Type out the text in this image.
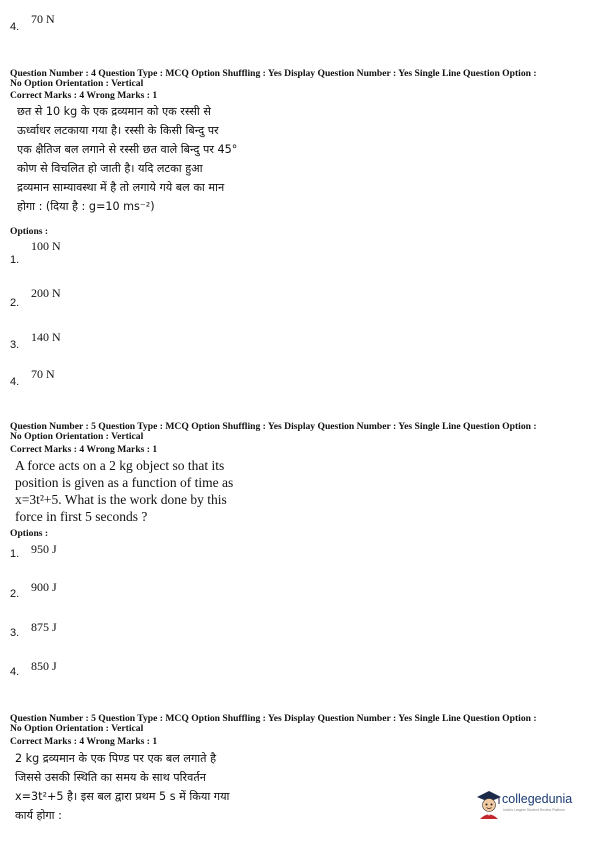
4.
70 N
Question Number : 4 Question Type : MCQ Option Shuffling : Yes Display Question Number : Yes Single Line Question Option :
No Option Orientation : Vertical
Correct Marks : 4 Wrong Marks : 1
छत से 10 kg के एक द्रव्यमान को एक रस्सी से
ऊर्ध्वाधर लटकाया गया है। रस्सी के किसी बिन्दु पर
एक क्षैतिज बल लगाने से रस्सी छत वाले बिन्दु पर 45°
कोण से विचलित हो जाती है। यदि लटका हुआ
द्रव्यमान साम्यावस्था में है तो लगाये गये बल का मान
होगा : (दिया है : g=10 ms⁻²)
Options :
100 N
1.
200 N
2.
140 N
3.
70 N
4.
Question Number : 5 Question Type : MCQ Option Shuffling : Yes Display Question Number : Yes Single Line Question Option :
No Option Orientation : Vertical
Correct Marks : 4 Wrong Marks : 1
A force acts on a 2 kg object so that its
position is given as a function of time as
x=3t²+5. What is the work done by this
force in first 5 seconds ?
Options :
950 J
1.
900 J
2.
875 J
3.
850 J
4.
Question Number : 5 Question Type : MCQ Option Shuffling : Yes Display Question Number : Yes Single Line Question Option :
No Option Orientation : Vertical
Correct Marks : 4 Wrong Marks : 1
2 kg द्रव्यमान के एक पिण्ड पर एक बल लगाते है
जिससे उसकी स्थिति का समय के साथ परिवर्तन
x=3t²+5 है। इस बल द्वारा प्रथम 5 s में किया गया
कार्य होगा :
collegedunia
India's Largest Student Review Platform
